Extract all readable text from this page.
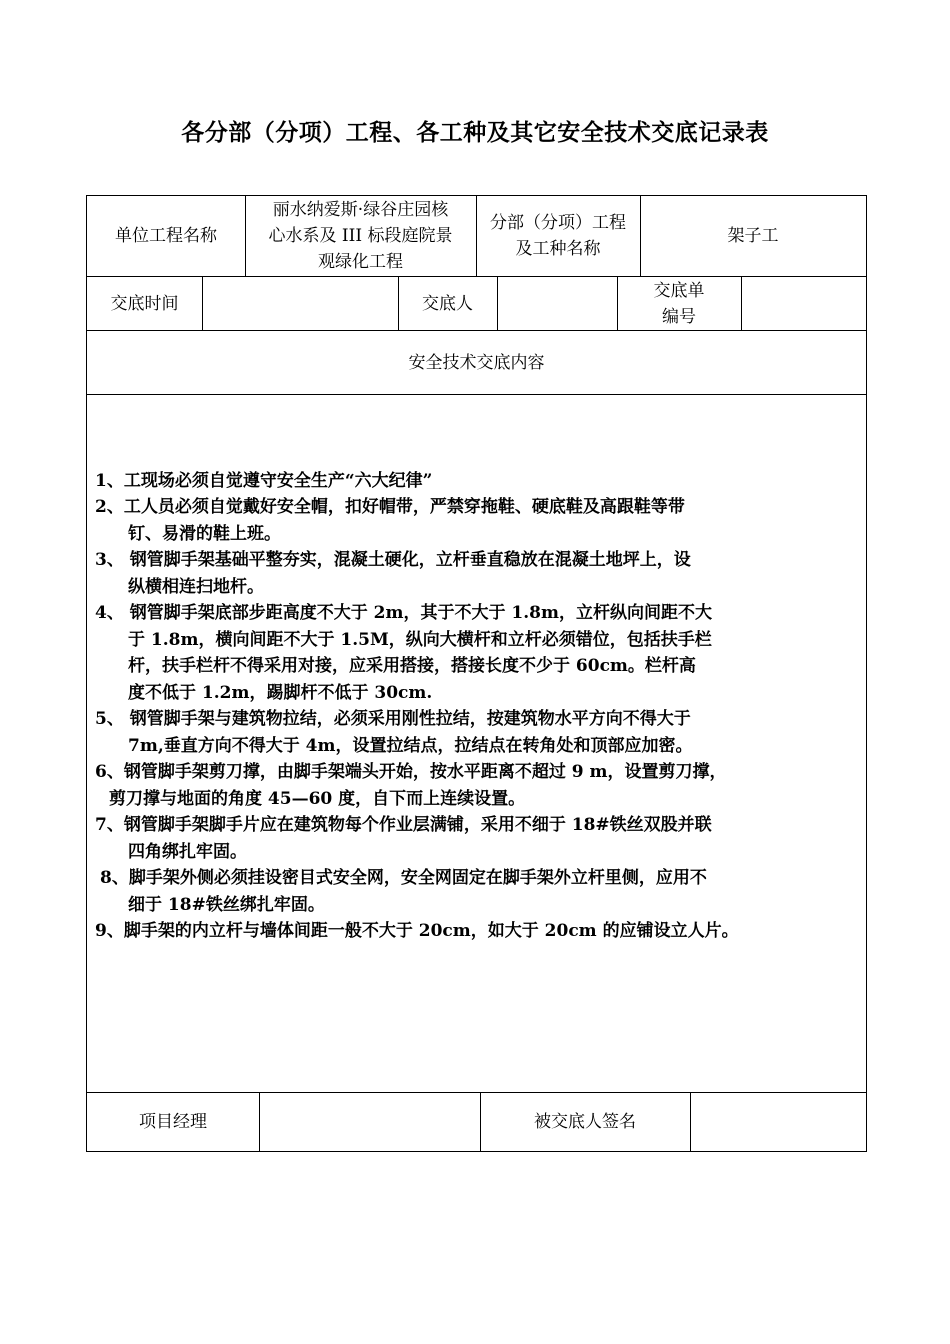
各分部（分项）工程、各工种及其它安全技术交底记录表
单位工程名称
丽水纳爱斯·绿谷庄园核
心水系及 III 标段庭院景
观绿化工程
分部（分项）工程
及工种名称
架子工
交底时间	交底人
交底单
编号
安全技术交底内容
1、工现场必须自觉遵守安全生产“六大纪律”
2、工人员必须自觉戴好安全帽，扣好帽带，严禁穿拖鞋、硬底鞋及高跟鞋等带
钉、易滑的鞋上班。
3、 钢管脚手架基础平整夯实，混凝土硬化，立杆垂直稳放在混凝土地坪上，设
纵横相连扫地杆。
4、 钢管脚手架底部步距高度不大于 2m，其于不大于 1.8m，立杆纵向间距不大
于 1.8m，横向间距不大于 1.5M，纵向大横杆和立杆必须错位，包括扶手栏
杆，扶手栏杆不得采用对接，应采用搭接，搭接长度不少于 60cm。栏杆高
度不低于 1.2m，踢脚杆不低于 30cm.
5、 钢管脚手架与建筑物拉结，必须采用刚性拉结，按建筑物水平方向不得大于
7m,垂直方向不得大于 4m，设置拉结点，拉结点在转角处和顶部应加密。
6、钢管脚手架剪刀撑，由脚手架端头开始，按水平距离不超过 9 m，设置剪刀撑，
剪刀撑与地面的角度 45—60 度，自下而上连续设置。
7、钢管脚手架脚手片应在建筑物每个作业层满铺，采用不细于 18#铁丝双股并联
四角绑扎牢固。
8、脚手架外侧必须挂设密目式安全网，安全网固定在脚手架外立杆里侧，应用不
细于 18#铁丝绑扎牢固。
9、脚手架的内立杆与墙体间距一般不大于 20cm，如大于 20cm 的应铺设立人片。
项目经理	被交底人签名
